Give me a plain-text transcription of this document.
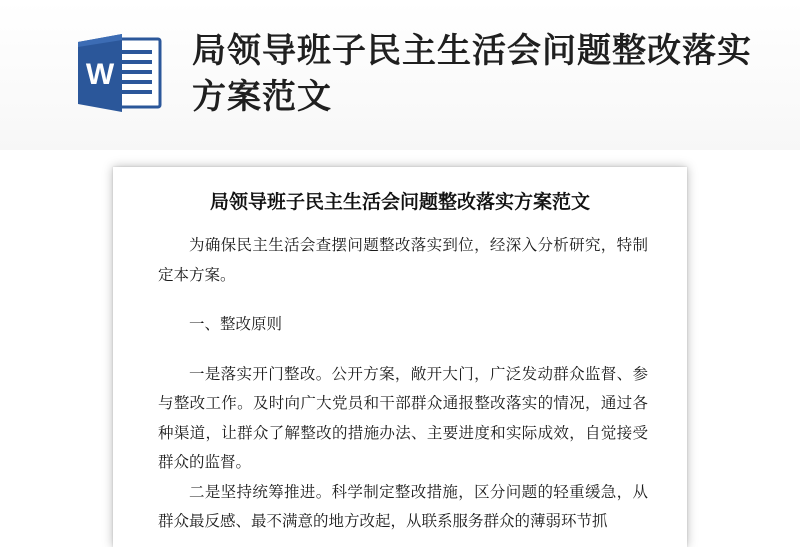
W
局领导班子民主生活会问题整改落实方案范文
局领导班子民主生活会问题整改落实方案范文

为确保民主生活会查摆问题整改落实到位，经深入分析研究，特制定本方案。

一、整改原则

一是落实开门整改。公开方案，敞开大门，广泛发动群众监督、参与整改工作。及时向广大党员和干部群众通报整改落实的情况，通过各种渠道，让群众了解整改的措施办法、主要进度和实际成效，自觉接受群众的监督。

二是坚持统筹推进。科学制定整改措施，区分问题的轻重缓急，从群众最反感、最不满意的地方改起，从联系服务群众的薄弱环节抓
